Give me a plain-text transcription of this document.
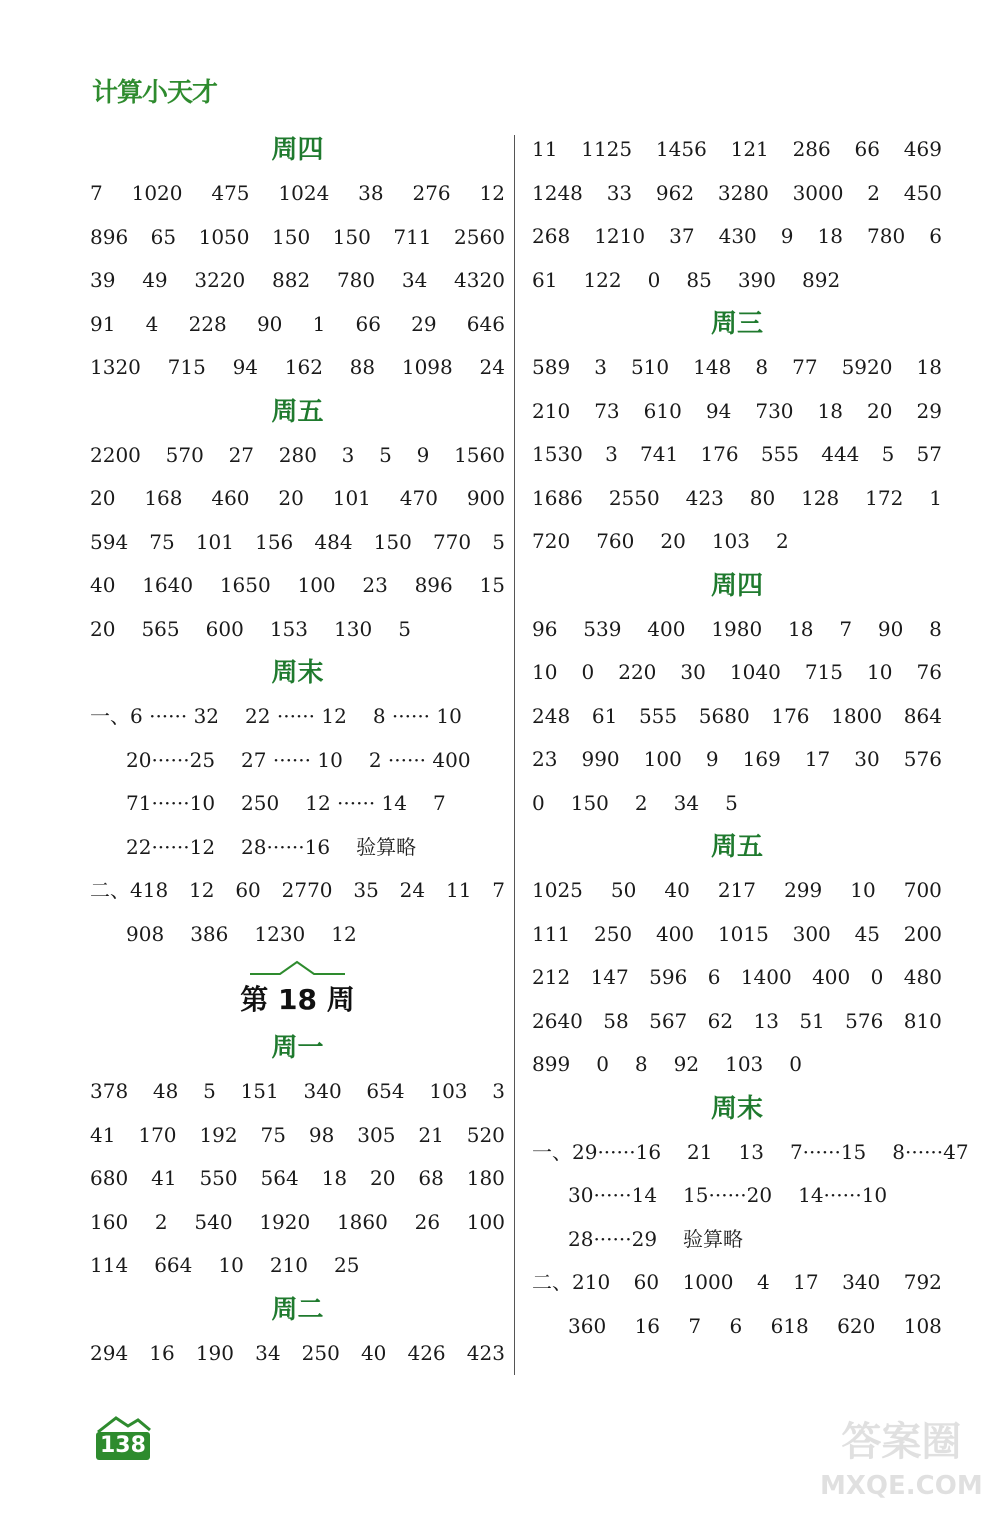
计算小天才
周四
7 1020 475 1024 38 276 12
896 65 1050 150 150 711 2560
39 49 3220 882 780 34 4320
91 4 228 90 1 66 29 646
1320 715 94 162 88 1098 24
周五
2200 570 27 280 3 5 9 1560
20 168 460 20 101 470 900
594 75 101 156 484 150 770 5
40 1640 1650 100 23 896 15
20 565 600 153 130 5
周末
一、6 ······ 32 22 ······ 12 8 ······ 10
20······25 27 ······ 10 2 ······ 400
71······10 250 12 ······ 14 7
22······12 28······16 验算略
二、418 12 60 2770 35 24 11 7
908 386 1230 12
第 18 周
周一
378 48 5 151 340 654 103 3
41 170 192 75 98 305 21 520
680 41 550 564 18 20 68 180
160 2 540 1920 1860 26 100
114 664 10 210 25
周二
294 16 190 34 250 40 426 423
11 1125 1456 121 286 66 469
1248 33 962 3280 3000 2 450
268 1210 37 430 9 18 780 6
61 122 0 85 390 892
周三
589 3 510 148 8 77 5920 18
210 73 610 94 730 18 20 29
1530 3 741 176 555 444 5 57
1686 2550 423 80 128 172 1
720 760 20 103 2
周四
96 539 400 1980 18 7 90 8
10 0 220 30 1040 715 10 76
248 61 555 5680 176 1800 864
23 990 100 9 169 17 30 576
0 150 2 34 5
周五
1025 50 40 217 299 10 700
111 250 400 1015 300 45 200
212 147 596 6 1400 400 0 480
2640 58 567 62 13 51 576 810
899 0 8 92 103 0
周末
一、29······16 21 13 7······15 8······47
30······14 15······20 14······10
28······29 验算略
二、210 60 1000 4 17 340 792
360 16 7 6 618 620 108
138	答案圈
MXQE.COM
